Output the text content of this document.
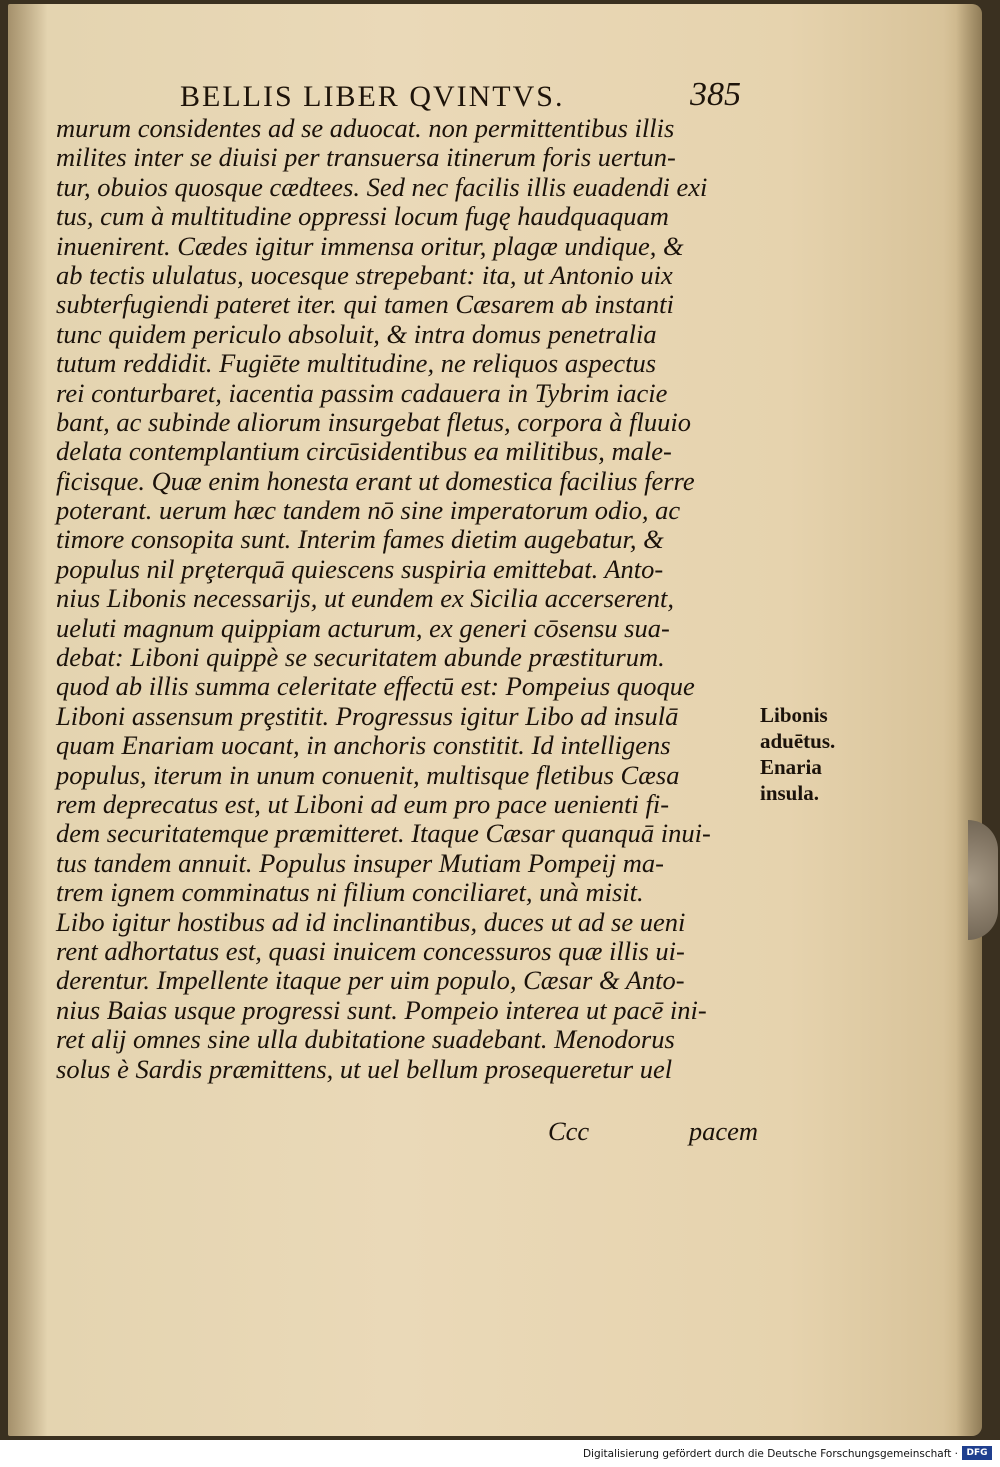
BELLIS LIBER QVINTVS.	385
murum considentes ad se aduocat. non permittentibus illis
milites inter se diuisi per transuersa itinerum foris uertun-
tur, obuios quosque cædtees. Sed nec facilis illis euadendi exi
tus, cum à multitudine oppressi locum fugę haudquaquam
inuenirent. Cædes igitur immensa oritur, plagæ undique, &
ab tectis ululatus, uocesque strepebant: ita, ut Antonio uix
subterfugiendi pateret iter. qui tamen Cæsarem ab instanti
tunc quidem periculo absoluit, & intra domus penetralia
tutum reddidit. Fugiēte multitudine, ne reliquos aspectus
rei conturbaret, iacentia passim cadauera in Tybrim iacie
bant, ac subinde aliorum insurgebat fletus, corpora à fluuio
delata contemplantium circūsidentibus ea militibus, male-
ficisque. Quæ enim honesta erant ut domestica facilius ferre
poterant. uerum hæc tandem nō sine imperatorum odio, ac
timore consopita sunt. Interim fames dietim augebatur, &
populus nil prȩterquā quiescens suspiria emittebat. Anto-
nius Libonis necessarijs, ut eundem ex Sicilia accerserent,
ueluti magnum quippiam acturum, ex generi cōsensu sua-
debat: Liboni quippè se securitatem abunde præstiturum.
quod ab illis summa celeritate effectū est: Pompeius quoque
Liboni assensum prȩstitit. Progressus igitur Libo ad insulā
quam Enariam uocant, in anchoris constitit. Id intelligens
populus, iterum in unum conuenit, multisque fletibus Cæsa
rem deprecatus est, ut Liboni ad eum pro pace uenienti fi-
dem securitatemque præmitteret. Itaque Cæsar quanquā inui-
tus tandem annuit. Populus insuper Mutiam Pompeij ma-
trem ignem comminatus ni filium conciliaret, unà misit.
Libo igitur hostibus ad id inclinantibus, duces ut ad se ueni
rent adhortatus est, quasi inuicem concessuros quæ illis ui-
derentur. Impellente itaque per uim populo, Cæsar & Anto-
nius Baias usque progressi sunt. Pompeio interea ut pacē ini-
ret alij omnes sine ulla dubitatione suadebant. Menodorus
solus è Sardis præmittens, ut uel bellum prosequeretur uel
Libonis
aduētus.
Enaria
insula.
Ccc	pacem
Digitalisierung gefördert durch die Deutsche Forschungsgemeinschaft · DFG
